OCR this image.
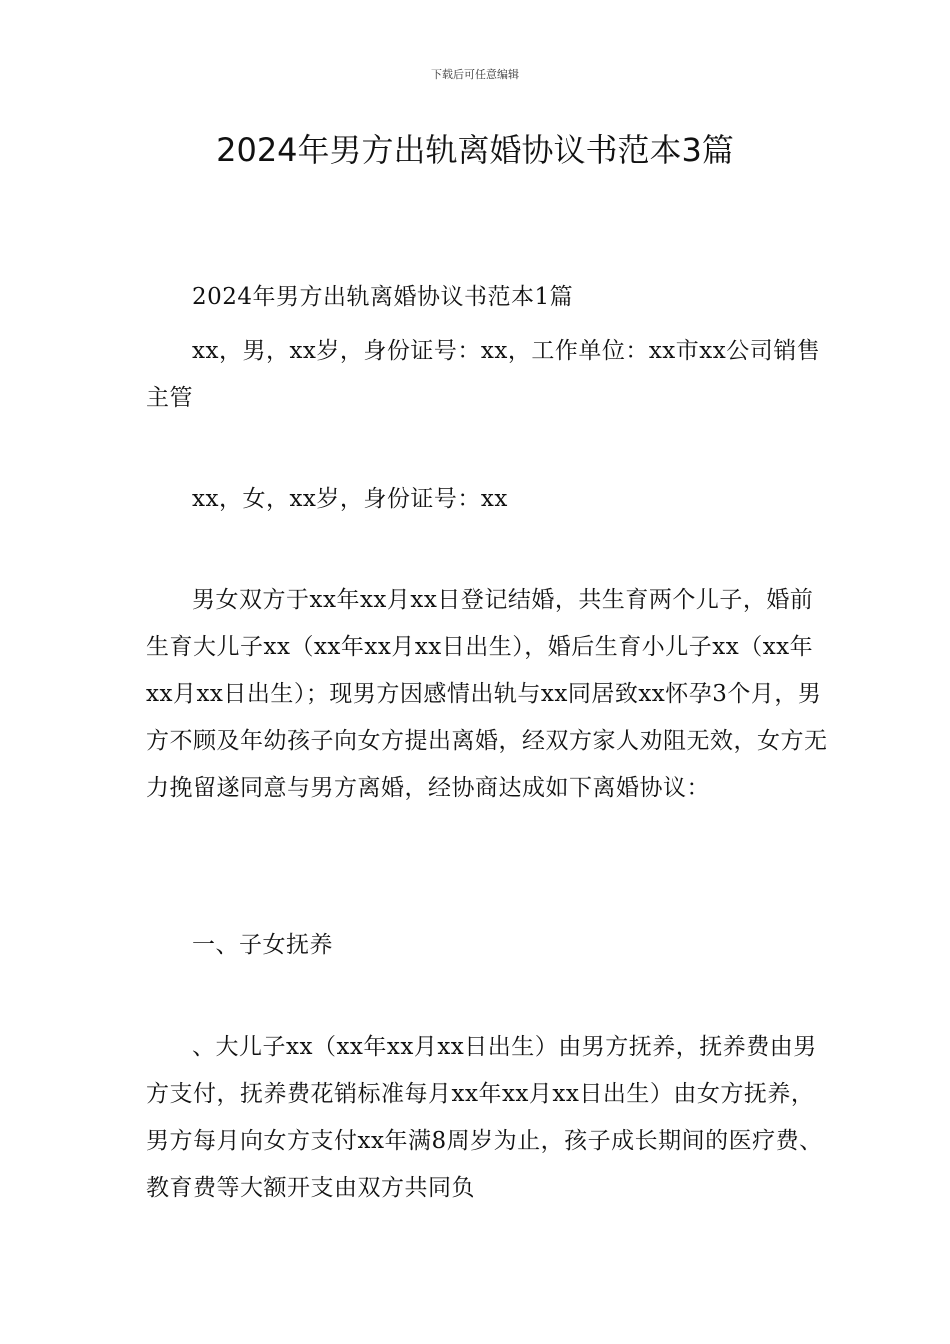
下载后可任意编辑
2024年男方出轨离婚协议书范本3篇

2024年男方出轨离婚协议书范本1篇

xx，男，xx岁，身份证号：xx，工作单位：xx市xx公司销售主管

xx，女，xx岁，身份证号：xx

男女双方于xx年xx月xx日登记结婚，共生育两个儿子，婚前生育大儿子xx（xx年xx月xx日出生），婚后生育小儿子xx（xx年xx月xx日出生）；现男方因感情出轨与xx同居致xx怀孕3个月，男方不顾及年幼孩子向女方提出离婚，经双方家人劝阻无效，女方无力挽留遂同意与男方离婚，经协商达成如下离婚协议：

一、子女抚养

、大儿子xx（xx年xx月xx日出生）由男方抚养，抚养费由男方支付，抚养费花销标准每月xx年xx月xx日出生）由女方抚养，男方每月向女方支付xx年满8周岁为止，孩子成长期间的医疗费、教育费等大额开支由双方共同负
